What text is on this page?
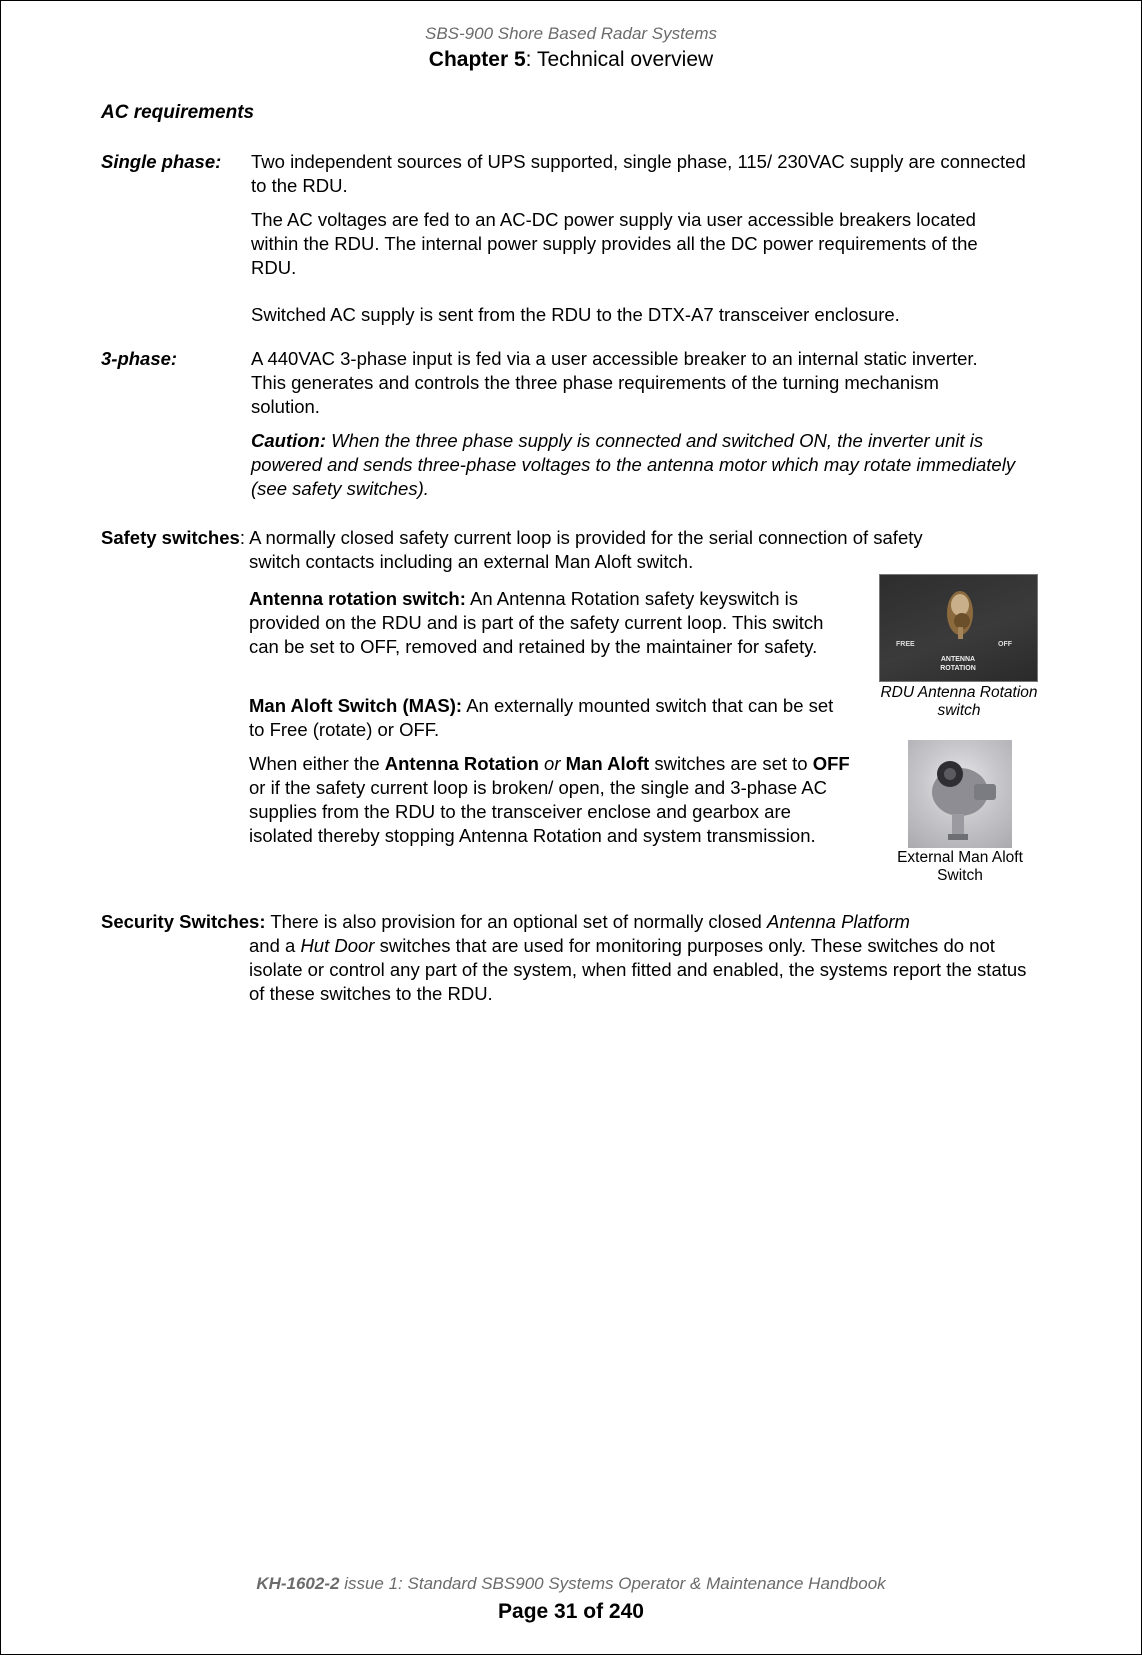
SBS-900 Shore Based Radar Systems
Chapter 5: Technical overview
AC requirements
Single phase: Two independent sources of UPS supported, single phase, 115/ 230VAC supply are connected to the RDU.
The AC voltages are fed to an AC-DC power supply via user accessible breakers located within the RDU. The internal power supply provides all the DC power requirements of the RDU.
Switched AC supply is sent from the RDU to the DTX-A7 transceiver enclosure.
3-phase:	A 440VAC 3-phase input is fed via a user accessible breaker to an internal static inverter. This generates and controls the three phase requirements of the turning mechanism solution.
Caution: When the three phase supply is connected and switched ON, the inverter unit is powered and sends three-phase voltages to the antenna motor which may rotate immediately (see safety switches).
Safety switches: A normally closed safety current loop is provided for the serial connection of safety
switch contacts including an external Man Aloft switch.
Antenna rotation switch: An Antenna Rotation safety keyswitch is provided on the RDU and is part of the safety current loop. This switch can be set to OFF, removed and retained by the maintainer for safety.
Man Aloft Switch (MAS): An externally mounted switch that can be set to Free (rotate) or OFF.
When either the Antenna Rotation or Man Aloft switches are set to OFF or if the safety current loop is broken/ open, the single and 3-phase AC supplies from the RDU to the transceiver enclose and gearbox are isolated thereby stopping Antenna Rotation and system transmission.
FREE	OFF
ANTENNA
ROTATION
RDU Antenna Rotation switch
External Man Aloft Switch
Security Switches: There is also provision for an optional set of normally closed Antenna Platform
and a Hut Door switches that are used for monitoring purposes only. These switches do not isolate or control any part of the system, when fitted and enabled, the systems report the status of these switches to the RDU.
KH-1602-2 issue 1: Standard SBS900 Systems Operator & Maintenance Handbook
Page 31 of 240
